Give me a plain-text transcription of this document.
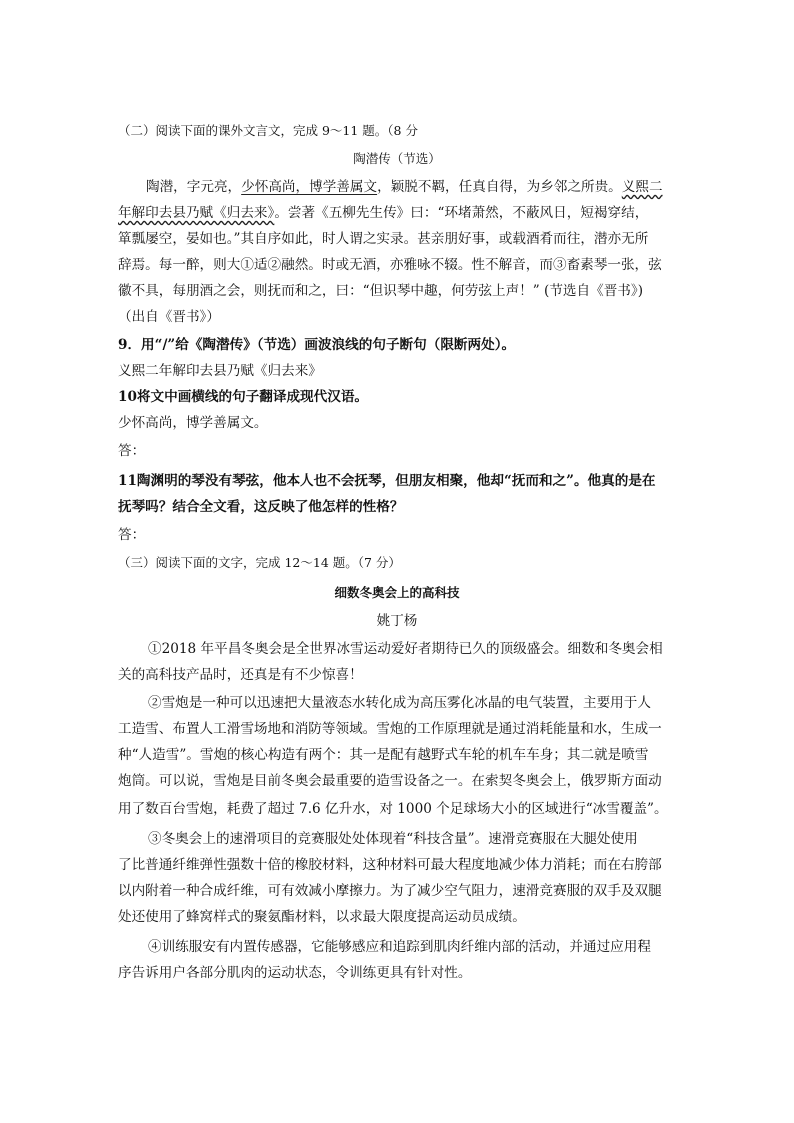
（二）阅读下面的课外文言文，完成 9～11 题。（8 分
陶潜传（节选）
陶潜，字元亮，少怀高尚，博学善属文，颖脱不羁，任真自得，为乡邻之所贵。义熙二
年解印去县乃赋《归去来》。尝著《五柳先生传》曰：“环堵萧然，不蔽风日，短褐穿结，
箪瓢屡空，晏如也。”其自序如此，时人谓之实录。甚亲朋好事，或载酒肴而往，潜亦无所
辞焉。每一醉，则大①适②融然。时或无酒，亦雅咏不辍。性不解音，而③畜素琴一张，弦
徽不具，每朋酒之会，则抚而和之，曰：“但识琴中趣，何劳弦上声！” (节选自《晋书》)
（出自《晋书》）
9．用“/”给《陶潜传》（节选）画波浪线的句子断句（限断两处）。
义熙二年解印去县乃赋《归去来》
10将文中画横线的句子翻译成现代汉语。
少怀高尚，博学善属文。
答：
11陶渊明的琴没有琴弦，他本人也不会抚琴，但朋友相聚，他却“抚而和之”。他真的是在
抚琴吗？结合全文看，这反映了他怎样的性格？
答：
（三）阅读下面的文字，完成 12～14 题。（7 分）
细数冬奥会上的高科技
姚丁杨
①2018 年平昌冬奥会是全世界冰雪运动爱好者期待已久的顶级盛会。细数和冬奥会相
关的高科技产品时，还真是有不少惊喜！
②雪炮是一种可以迅速把大量液态水转化成为高压雾化冰晶的电气装置，主要用于人
工造雪、布置人工滑雪场地和消防等领域。雪炮的工作原理就是通过消耗能量和水，生成一
种“人造雪”。雪炮的核心构造有两个：其一是配有越野式车轮的机车车身；其二就是喷雪
炮筒。可以说，雪炮是目前冬奥会最重要的造雪设备之一。在索契冬奥会上，俄罗斯方面动
用了数百台雪炮，耗费了超过 7.6 亿升水，对 1000 个足球场大小的区域进行“冰雪覆盖”。
③冬奥会上的速滑项目的竞赛服处处体现着“科技含量”。速滑竞赛服在大腿处使用
了比普通纤维弹性强数十倍的橡胶材料，这种材料可最大程度地减少体力消耗；而在右胯部
以内附着一种合成纤维，可有效减小摩擦力。为了减少空气阻力，速滑竞赛服的双手及双腿
处还使用了蜂窝样式的聚氨酯材料，以求最大限度提高运动员成绩。
④训练服安有内置传感器，它能够感应和追踪到肌肉纤维内部的活动，并通过应用程
序告诉用户各部分肌肉的运动状态，令训练更具有针对性。
